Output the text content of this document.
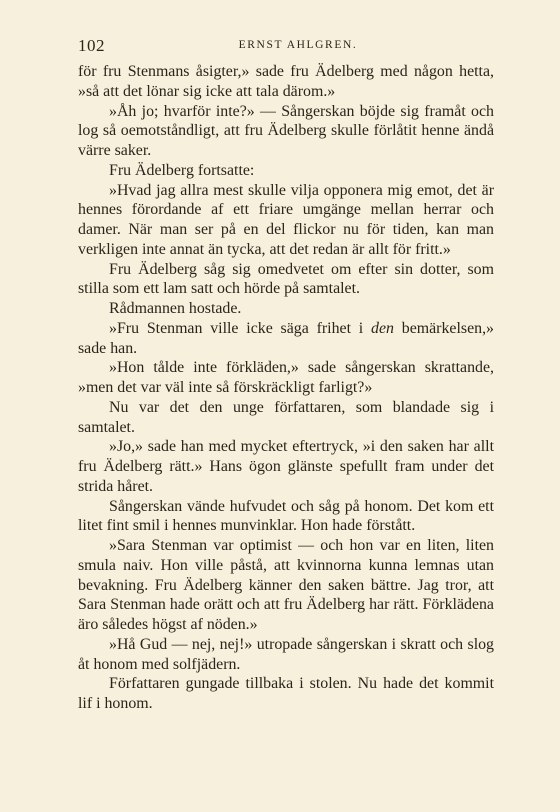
102	ERNST AHLGREN.

för fru Stenmans åsigter,» sade fru Ädelberg med någon hetta, »så att det lönar sig icke att tala därom.»

»Åh jo; hvarför inte?» — Sångerskan böjde sig framåt och log så oemotståndligt, att fru Ädelberg skulle förlåtit henne ändå värre saker.

Fru Ädelberg fortsatte:

»Hvad jag allra mest skulle vilja opponera mig emot, det är hennes förordande af ett friare umgänge mellan herrar och damer. När man ser på en del flickor nu för tiden, kan man verkligen inte annat än tycka, att det redan är allt för fritt.»

Fru Ädelberg såg sig omedvetet om efter sin dotter, som stilla som ett lam satt och hörde på samtalet.

Rådmannen hostade.

»Fru Stenman ville icke säga frihet i den bemärkelsen,» sade han.

»Hon tålde inte förkläden,» sade sångerskan skrattande, »men det var väl inte så förskräckligt farligt?»

Nu var det den unge författaren, som blandade sig i samtalet.

»Jo,» sade han med mycket eftertryck, »i den saken har allt fru Ädelberg rätt.» Hans ögon glänste spefullt fram under det strida håret.

Sångerskan vände hufvudet och såg på honom. Det kom ett litet fint smil i hennes munvinklar. Hon hade förstått.

»Sara Stenman var optimist — och hon var en liten, liten smula naiv. Hon ville påstå, att kvinnorna kunna lemnas utan bevakning. Fru Ädelberg känner den saken bättre. Jag tror, att Sara Stenman hade orätt och att fru Ädelberg har rätt. Förklädena äro således högst af nöden.»

»Hå Gud — nej, nej!» utropade sångerskan i skratt och slog åt honom med solfjädern.

Författaren gungade tillbaka i stolen. Nu hade det kommit lif i honom.
